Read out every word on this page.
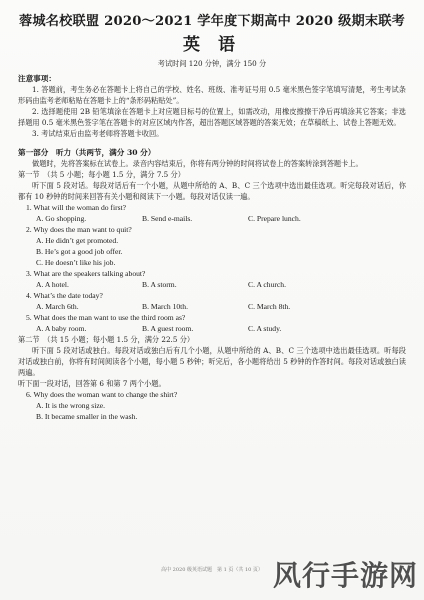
蓉城名校联盟 2020～2021 学年度下期高中 2020 级期末联考
英 语
考试时间 120 分钟，满分 150 分
注意事项：

1. 答题前，考生务必在答题卡上将自己的学校、姓名、班级、准考证号用 0.5 毫米黑色签字笔填写清楚，考生考试条形码由监考老师粘贴在答题卡上的“条形码粘贴处”。

2. 选择题使用 2B 铅笔填涂在答题卡上对应题目标号的位置上，如需改动，用橡皮擦擦干净后再填涂其它答案；非选择题用 0.5 毫米黑色签字笔在答题卡的对应区域内作答，超出答题区域答题的答案无效；在草稿纸上、试卷上答题无效。

3. 考试结束后由监考老师将答题卡收回。

第一部分　听力（共两节，满分 30 分）

做题时，先将答案标在试卷上。录音内容结束后，你将有两分钟的时间将试卷上的答案转涂到答题卡上。

第一节　（共 5 小题；每小题 1.5 分，满分 7.5 分）

听下面 5 段对话。每段对话后有一个小题，从题中所给的 A、B、C 三个选项中选出最佳选项。听完每段对话后，你都有 10 秒钟的时间来回答有关小题和阅读下一小题。每段对话仅读一遍。

1. What will the woman do first?
A. Go shopping.	B. Send e-mails.	C. Prepare lunch.
2. Why does the man want to quit?
A. He didn’t get promoted.
B. He’s got a good job offer.
C. He doesn’t like his job.
3. What are the speakers talking about?
A. A hotel.	B. A storm.	C. A church.
4. What’s the date today?
A. March 6th.	B. March 10th.	C. March 8th.
5. What does the man want to use the third room as?
A. A baby room.	B. A guest room.	C. A study.
第二节　（共 15 小题；每小题 1.5 分，满分 22.5 分）

听下面 5 段对话或独白。每段对话或独白后有几个小题，从题中所给的 A、B、C 三个选项中选出最佳选项。听每段对话或独白前，你将有时间阅读各个小题，每小题 5 秒钟；听完后，各小题将给出 5 秒钟的作答时间。每段对话或独白读两遍。

听下面一段对话，回答第 6 和第 7 两个小题。
6. Why does the woman want to change the shirt?
A. It is the wrong size.
B. It became smaller in the wash.
高中 2020 级英语试题　第 1 页（共 10 页） 风行手游网
